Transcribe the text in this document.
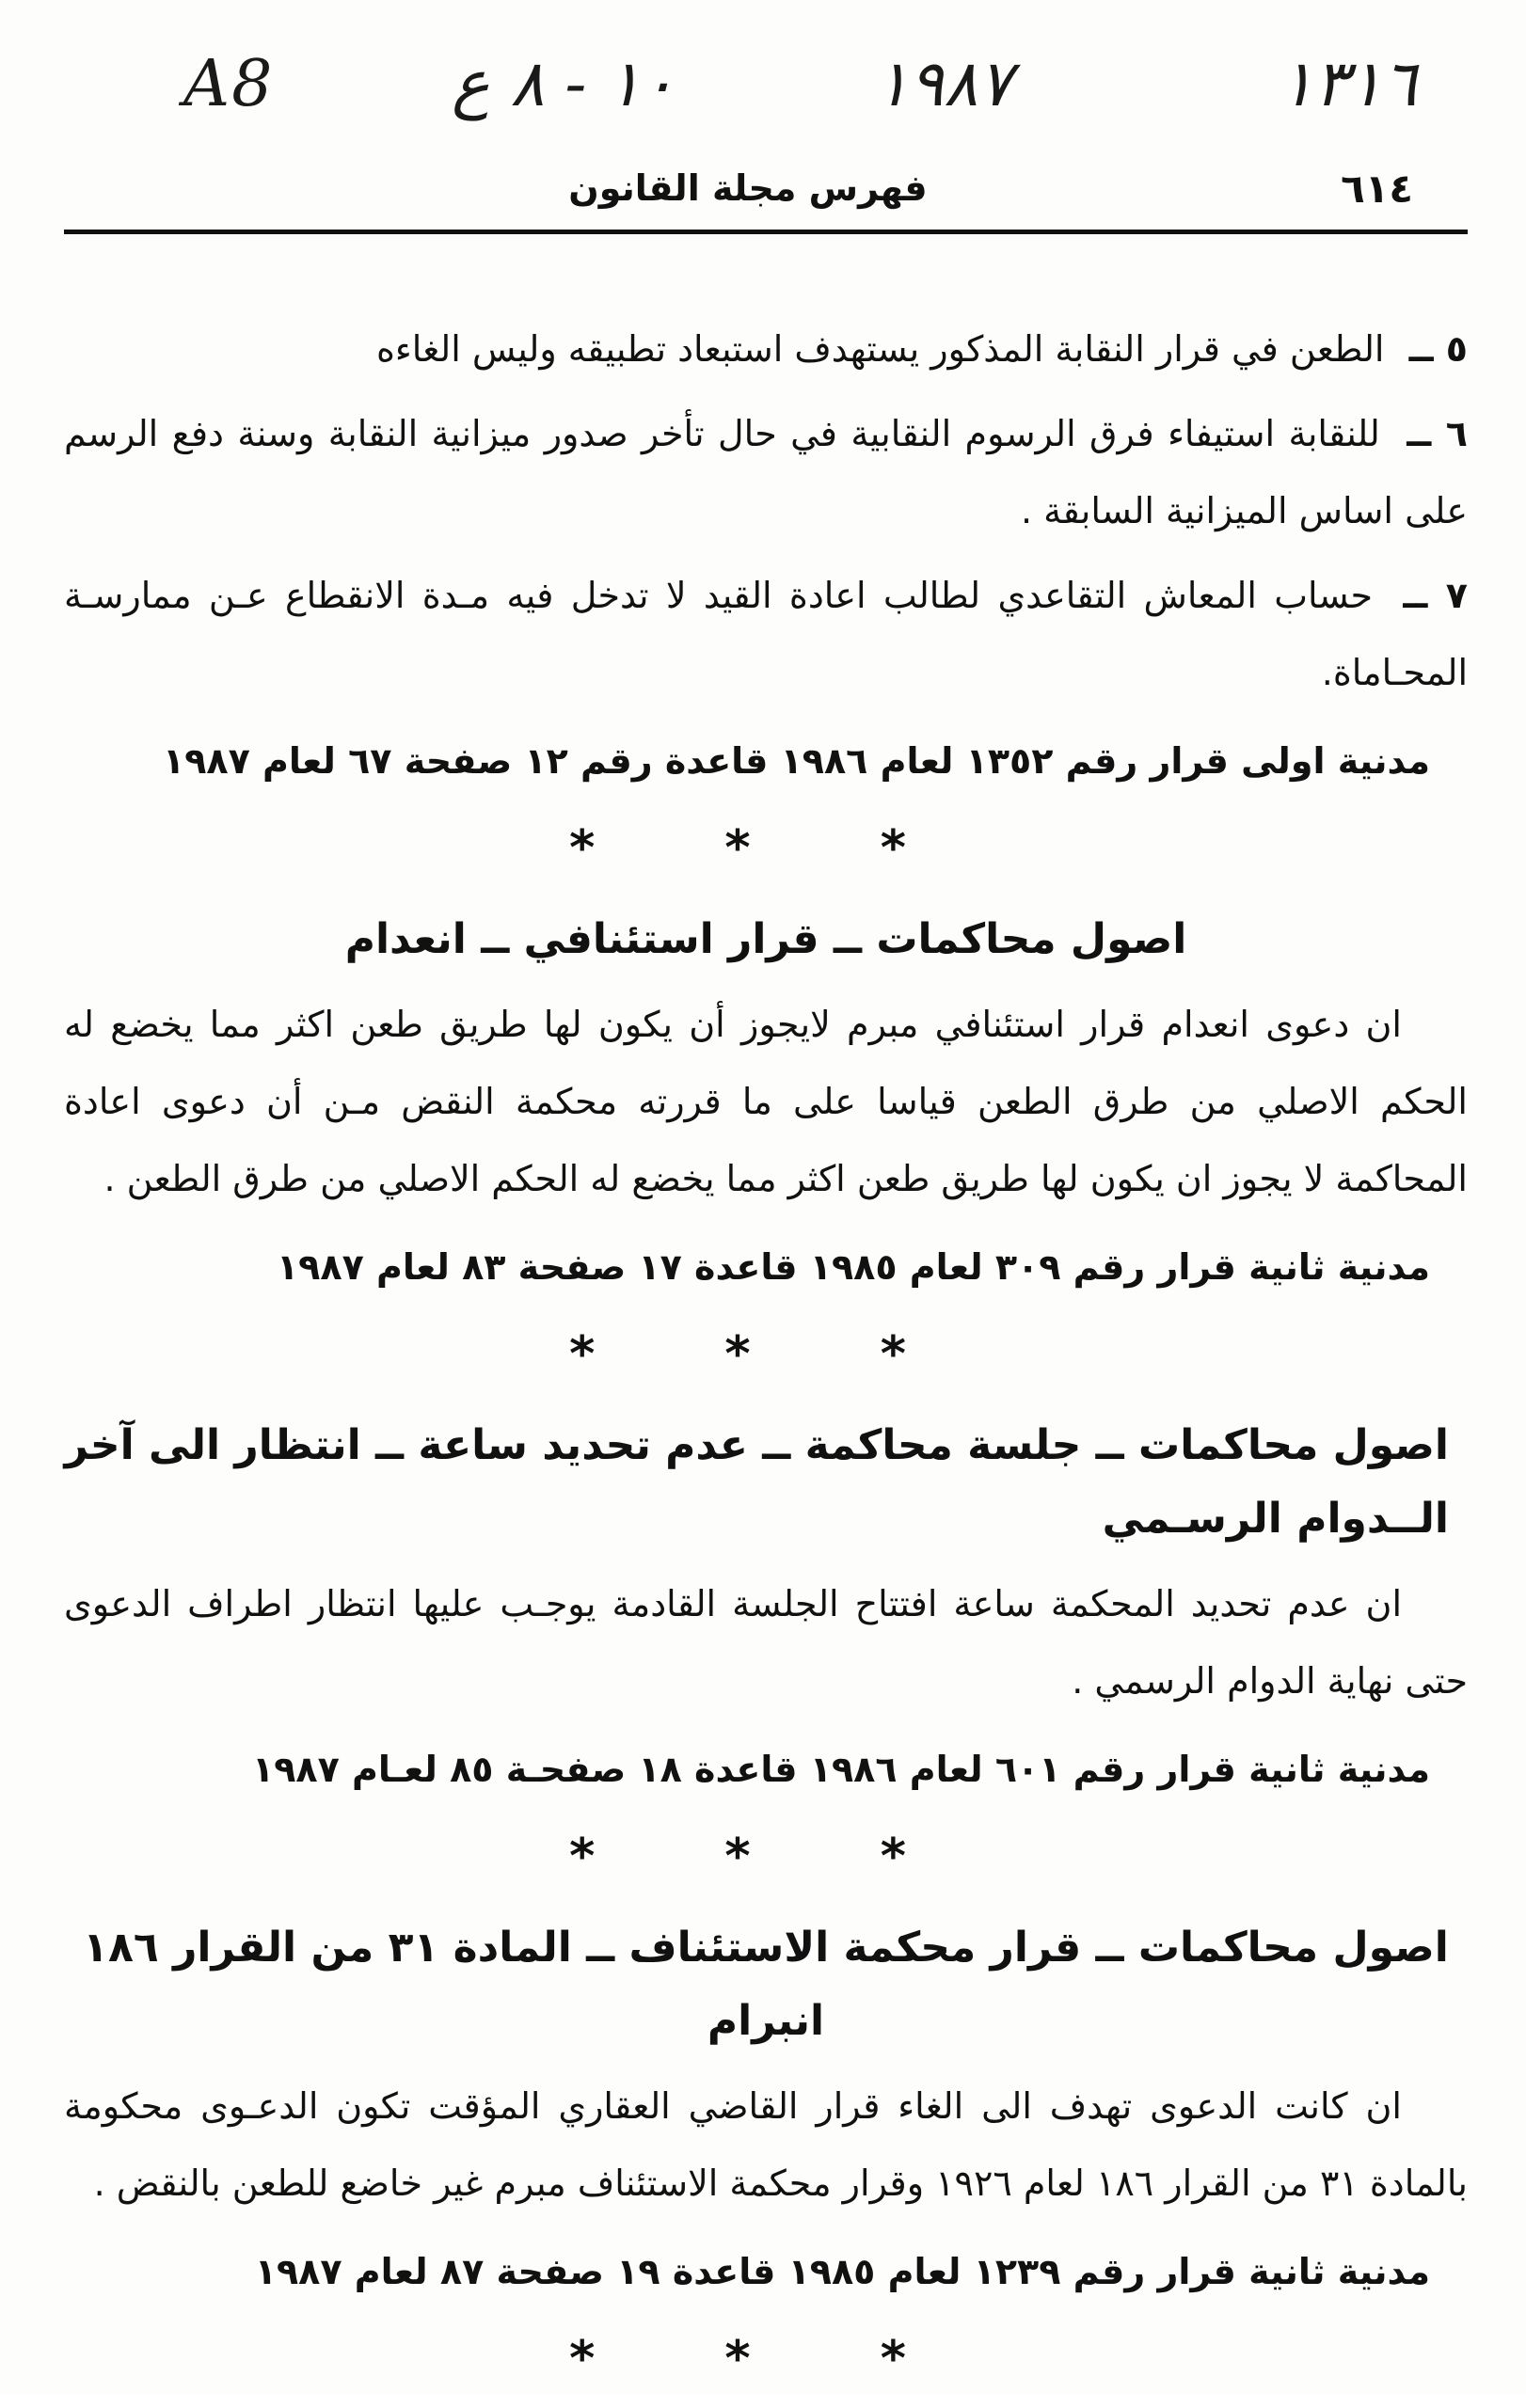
A8	١٠ - ٨ ع	١٩٨٧	١٣١٦
فهرس مجلة القانون	٦١٤
٥ ــ الطعن في قرار النقابة المذكور يستهدف استبعاد تطبيقه وليس الغاءه
٦ ــ للنقابة استيفاء فرق الرسوم النقابية في حال تأخر صدور ميزانية النقابة وسنة دفع الرسم على اساس الميزانية السابقة .
٧ ــ حساب المعاش التقاعدي لطالب اعادة القيد لا تدخل فيه مـدة الانقطاع عـن ممارسـة المحـاماة.
مدنية اولى قرار رقم ١٣٥٢ لعام ١٩٨٦ قاعدة رقم ١٢ صفحة ٦٧ لعام ١٩٨٧
* * *
اصول محاكمات ــ قرار استئنافي ــ انعدام
ان دعوى انعدام قرار استئنافي مبرم لايجوز أن يكون لها طريق طعن اكثر مما يخضع له الحكم الاصلي من طرق الطعن قياسا على ما قررته محكمة النقض مـن أن دعوى اعادة المحاكمة لا يجوز ان يكون لها طريق طعن اكثر مما يخضع له الحكم الاصلي من طرق الطعن .
مدنية ثانية قرار رقم ٣٠٩ لعام ١٩٨٥ قاعدة ١٧ صفحة ٨٣ لعام ١٩٨٧
* * *
اصول محاكمات ــ جلسة محاكمة ــ عدم تحديد ساعة ــ انتظار الى آخر الــدوام الرسـمي
ان عدم تحديد المحكمة ساعة افتتاح الجلسة القادمة يوجـب عليها انتظار اطراف الدعوى حتى نهاية الدوام الرسمي .
مدنية ثانية قرار رقم ٦٠١ لعام ١٩٨٦ قاعدة ١٨ صفحـة ٨٥ لعـام ١٩٨٧
* * *
اصول محاكمات ــ قرار محكمة الاستئناف ــ المادة ٣١ من القرار ١٨٦ انبرام
ان كانت الدعوى تهدف الى الغاء قرار القاضي العقاري المؤقت تكون الدعـوى محكومة بالمادة ٣١ من القرار ١٨٦ لعام ١٩٢٦ وقرار محكمة الاستئناف مبرم غير خاضع للطعن بالنقض .
مدنية ثانية قرار رقم ١٢٣٩ لعام ١٩٨٥ قاعدة ١٩ صفحة ٨٧ لعام ١٩٨٧
* * *
